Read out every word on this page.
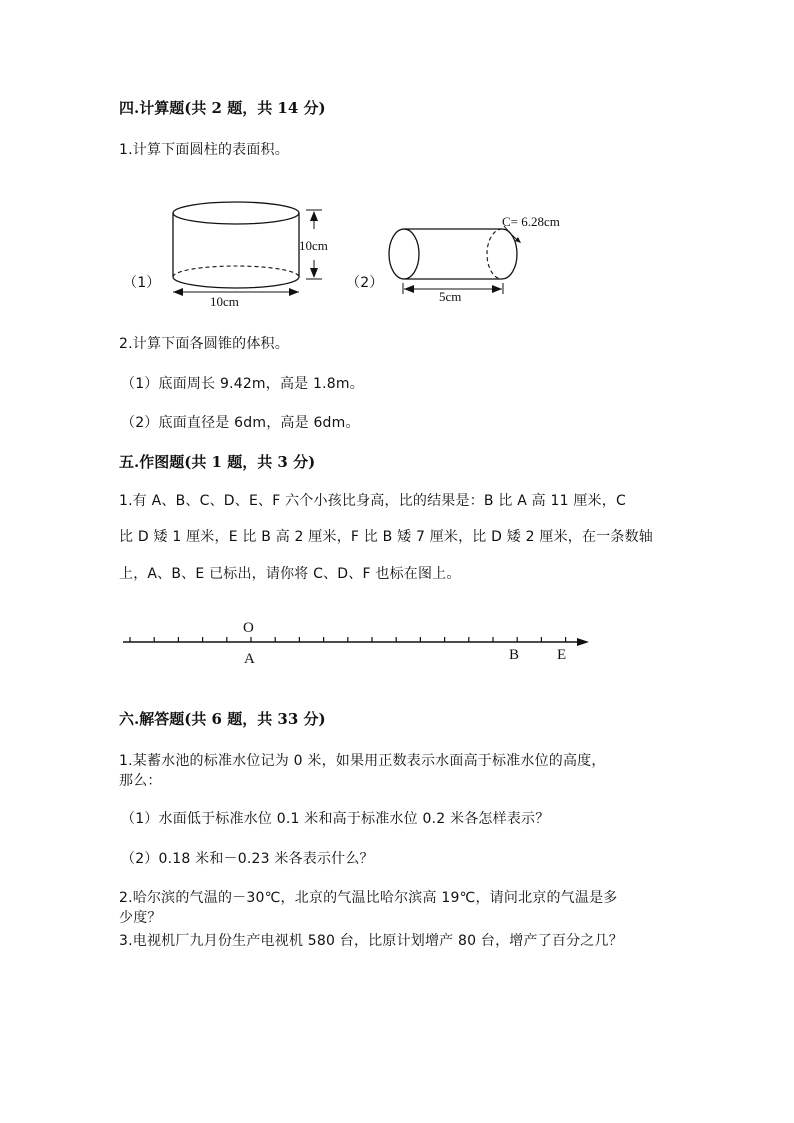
四.计算题(共 2 题，共 14 分)
1.计算下面圆柱的表面积。
（1）
10cm
10cm
（2）
C= 6.28cm
5cm
2.计算下面各圆锥的体积。
（1）底面周长 9.42m，高是 1.8m。
（2）底面直径是 6dm，高是 6dm。
五.作图题(共 1 题，共 3 分)
1.有 A、B、C、D、E、F 六个小孩比身高，比的结果是：B 比 A 高 11 厘米，C
比 D 矮 1 厘米，E 比 B 高 2 厘米，F 比 B 矮 7 厘米，比 D 矮 2 厘米，在一条数轴
上，A、B、E 已标出，请你将 C、D、F 也标在图上。
O
A	B	E
六.解答题(共 6 题，共 33 分)
1.某蓄水池的标准水位记为 0 米，如果用正数表示水面高于标准水位的高度，
那么：
（1）水面低于标准水位 0.1 米和高于标准水位 0.2 米各怎样表示？
（2）0.18 米和－0.23 米各表示什么？
2.哈尔滨的气温的－30℃，北京的气温比哈尔滨高 19℃，请问北京的气温是多
少度？
3.电视机厂九月份生产电视机 580 台，比原计划增产 80 台，增产了百分之几？
